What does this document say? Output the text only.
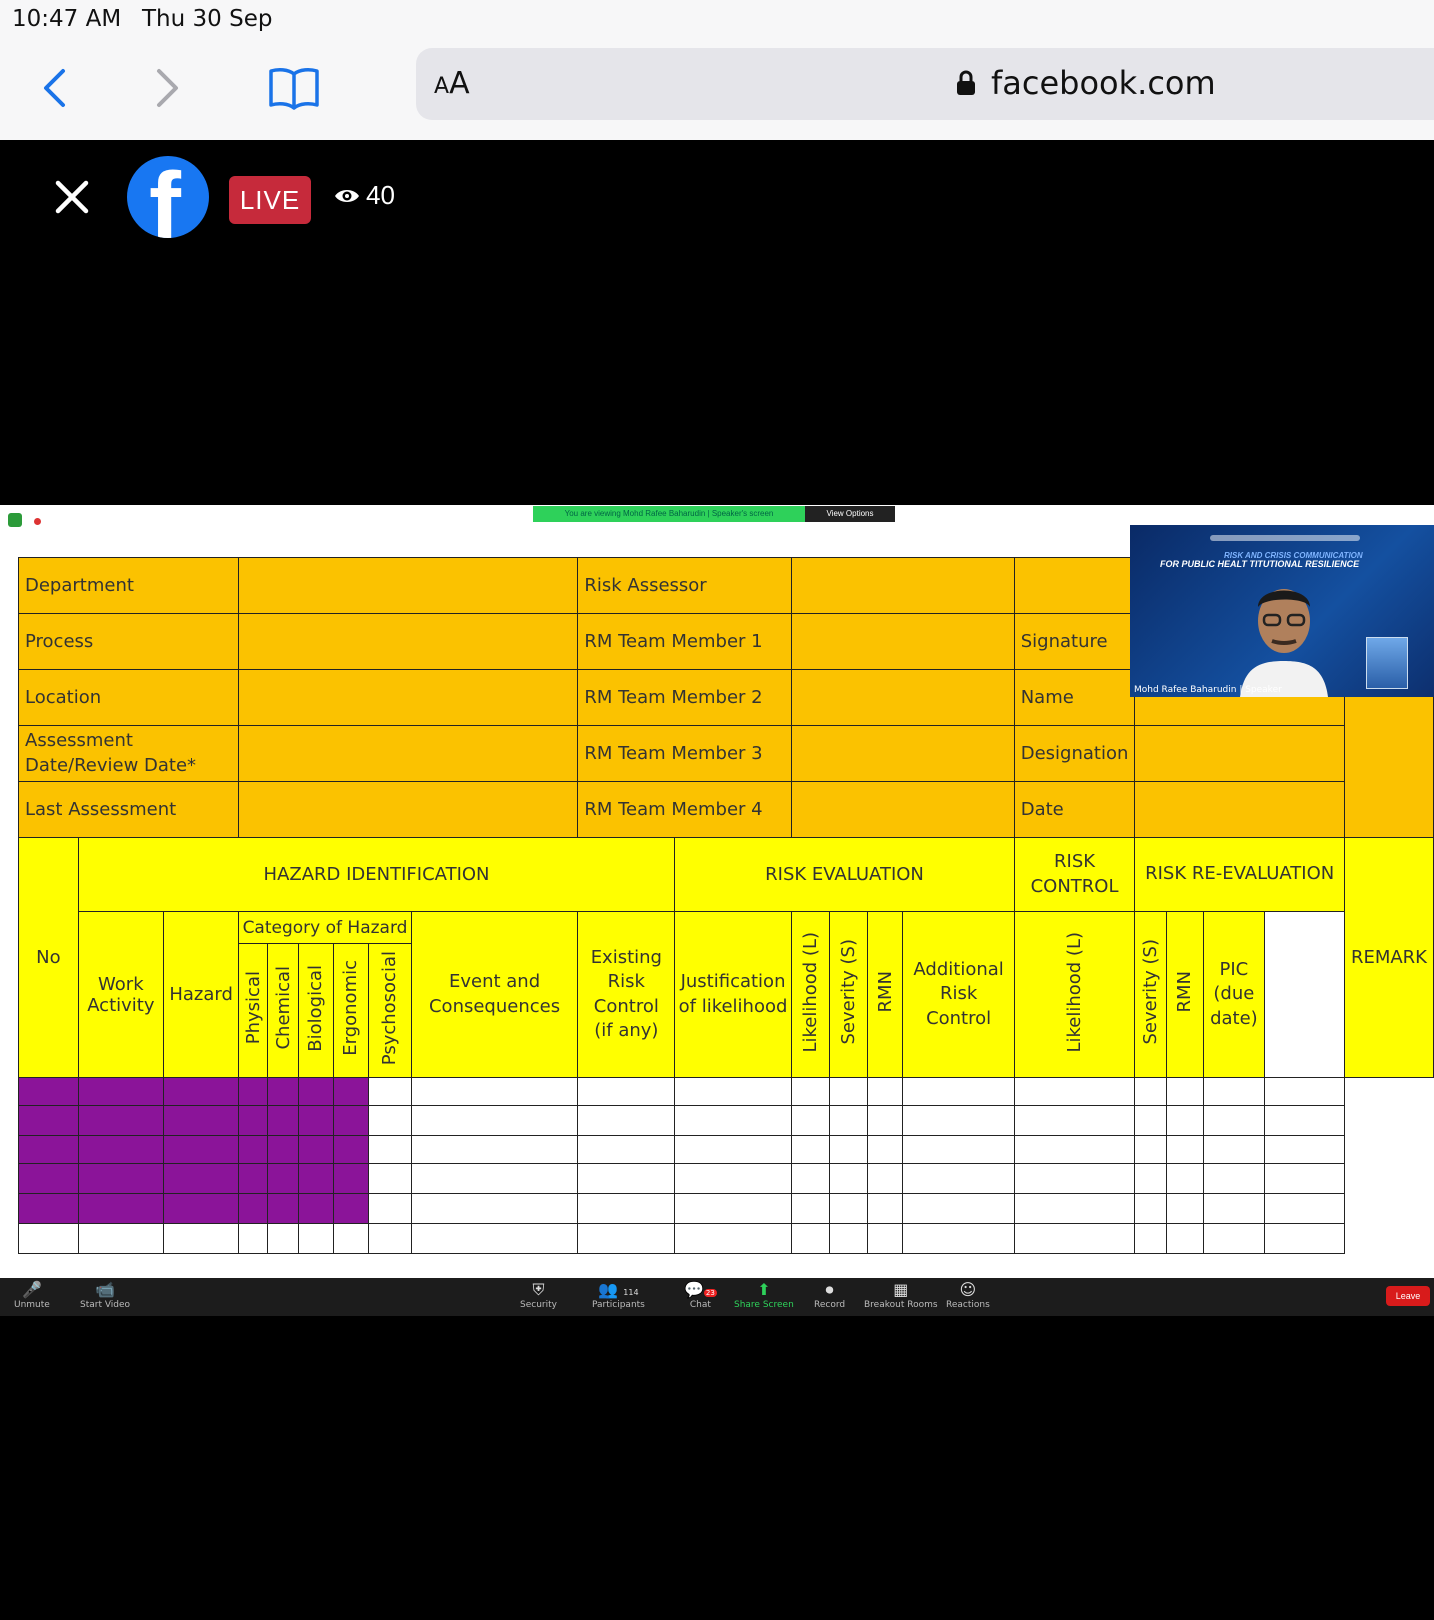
10:47 AM Thu 30 Sep
AA	facebook.com
f	LIVE	40
You are viewing Mohd Rafee Baharudin | Speaker's screen	View Options
Department									Risk Assessor		
Process									RM Team Member 1						Signature					
Location									RM Team Member 2						Name					
Assessment Date/Review Date*									RM Team Member 3						Designation					
Last Assessment									RM Team Member 4						Date					
No	HAZARD IDENTIFICATION									RISK EVALUATION					RISK CONTROL	RISK RE-EVALUATION				REMARK
	Work Activity	Hazard	Category of Hazard					Event and Consequences	Existing Risk Control (if any)	Justification of likelihood	Likelihood (L)	Severity (S)	RMN	Additional Risk Control	Likelihood (L)	Severity (S)	RMN	PIC (due date)		
			Physical	Chemical	Biological	Ergonomic	Psychosocial													

RISK AND CRISIS COMMUNICATION
FOR PUBLIC HEALT TITUTIONAL RESILIENCE
Mohd Rafee Baharudin | Speaker
🎤
Unmute
📹
Start Video
⛨
Security
👥 114
Participants
💬 23
Chat
⬆
Share Screen
⏺
Record
▦
Breakout Rooms
☺
Reactions
Leave
